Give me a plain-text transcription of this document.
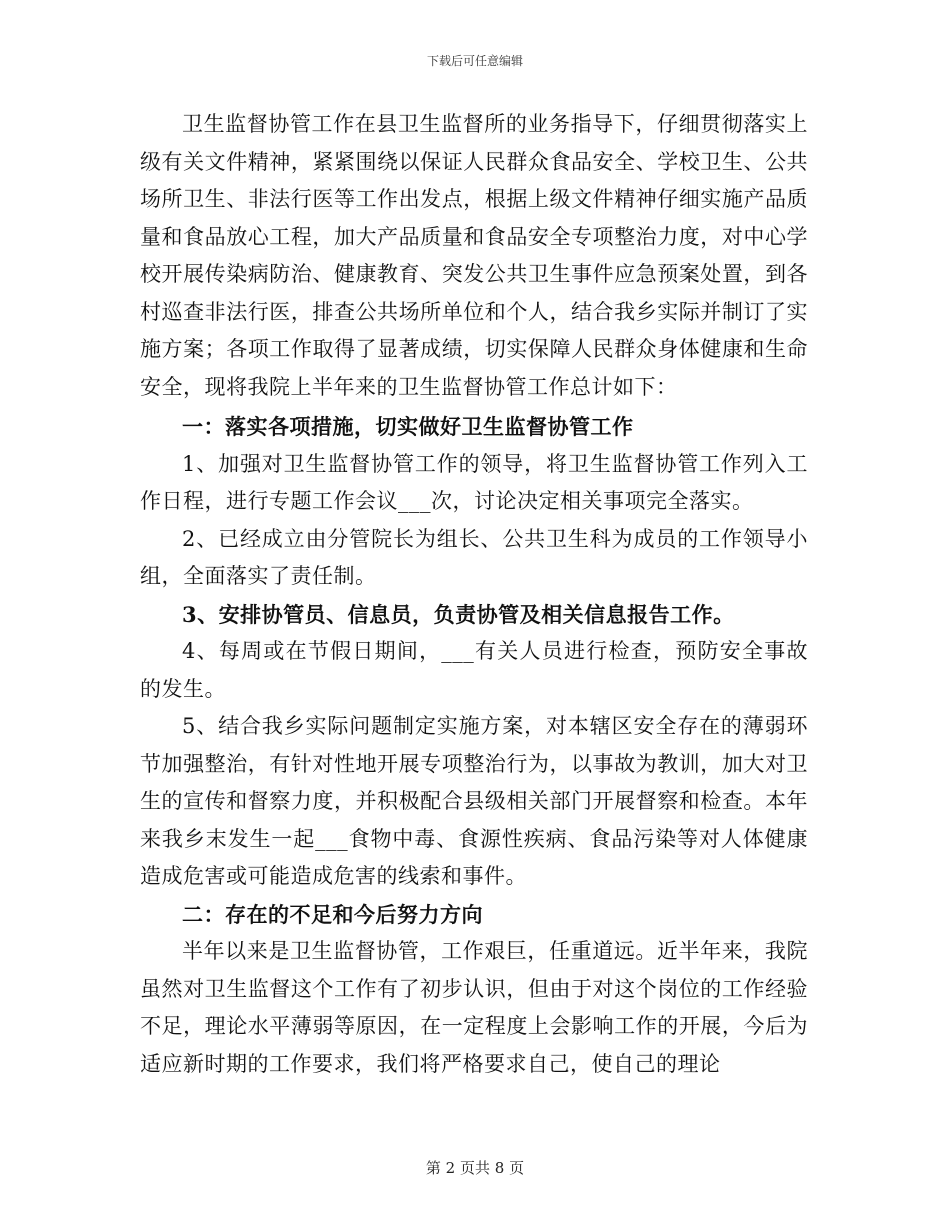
下载后可任意编辑

卫生监督协管工作在县卫生监督所的业务指导下，仔细贯彻落实上级有关文件精神，紧紧围绕以保证人民群众食品安全、学校卫生、公共场所卫生、非法行医等工作出发点，根据上级文件精神仔细实施产品质量和食品放心工程，加大产品质量和食品安全专项整治力度，对中心学校开展传染病防治、健康教育、突发公共卫生事件应急预案处置，到各村巡查非法行医，排查公共场所单位和个人，结合我乡实际并制订了实施方案；各项工作取得了显著成绩，切实保障人民群众身体健康和生命安全，现将我院上半年来的卫生监督协管工作总计如下：

一：落实各项措施，切实做好卫生监督协管工作

1、加强对卫生监督协管工作的领导，将卫生监督协管工作列入工作日程，进行专题工作会议___次，讨论决定相关事项完全落实。

2、已经成立由分管院长为组长、公共卫生科为成员的工作领导小组，全面落实了责任制。

3、安排协管员、信息员，负责协管及相关信息报告工作。

4、每周或在节假日期间，___有关人员进行检查，预防安全事故的发生。

5、结合我乡实际问题制定实施方案，对本辖区安全存在的薄弱环节加强整治，有针对性地开展专项整治行为，以事故为教训，加大对卫生的宣传和督察力度，并积极配合县级相关部门开展督察和检查。本年来我乡末发生一起___食物中毒、食源性疾病、食品污染等对人体健康造成危害或可能造成危害的线索和事件。

二：存在的不足和今后努力方向

半年以来是卫生监督协管，工作艰巨，任重道远。近半年来，我院虽然对卫生监督这个工作有了初步认识，但由于对这个岗位的工作经验不足，理论水平薄弱等原因，在一定程度上会影响工作的开展，今后为适应新时期的工作要求，我们将严格要求自己，使自己的理论

第 2 页共 8 页
